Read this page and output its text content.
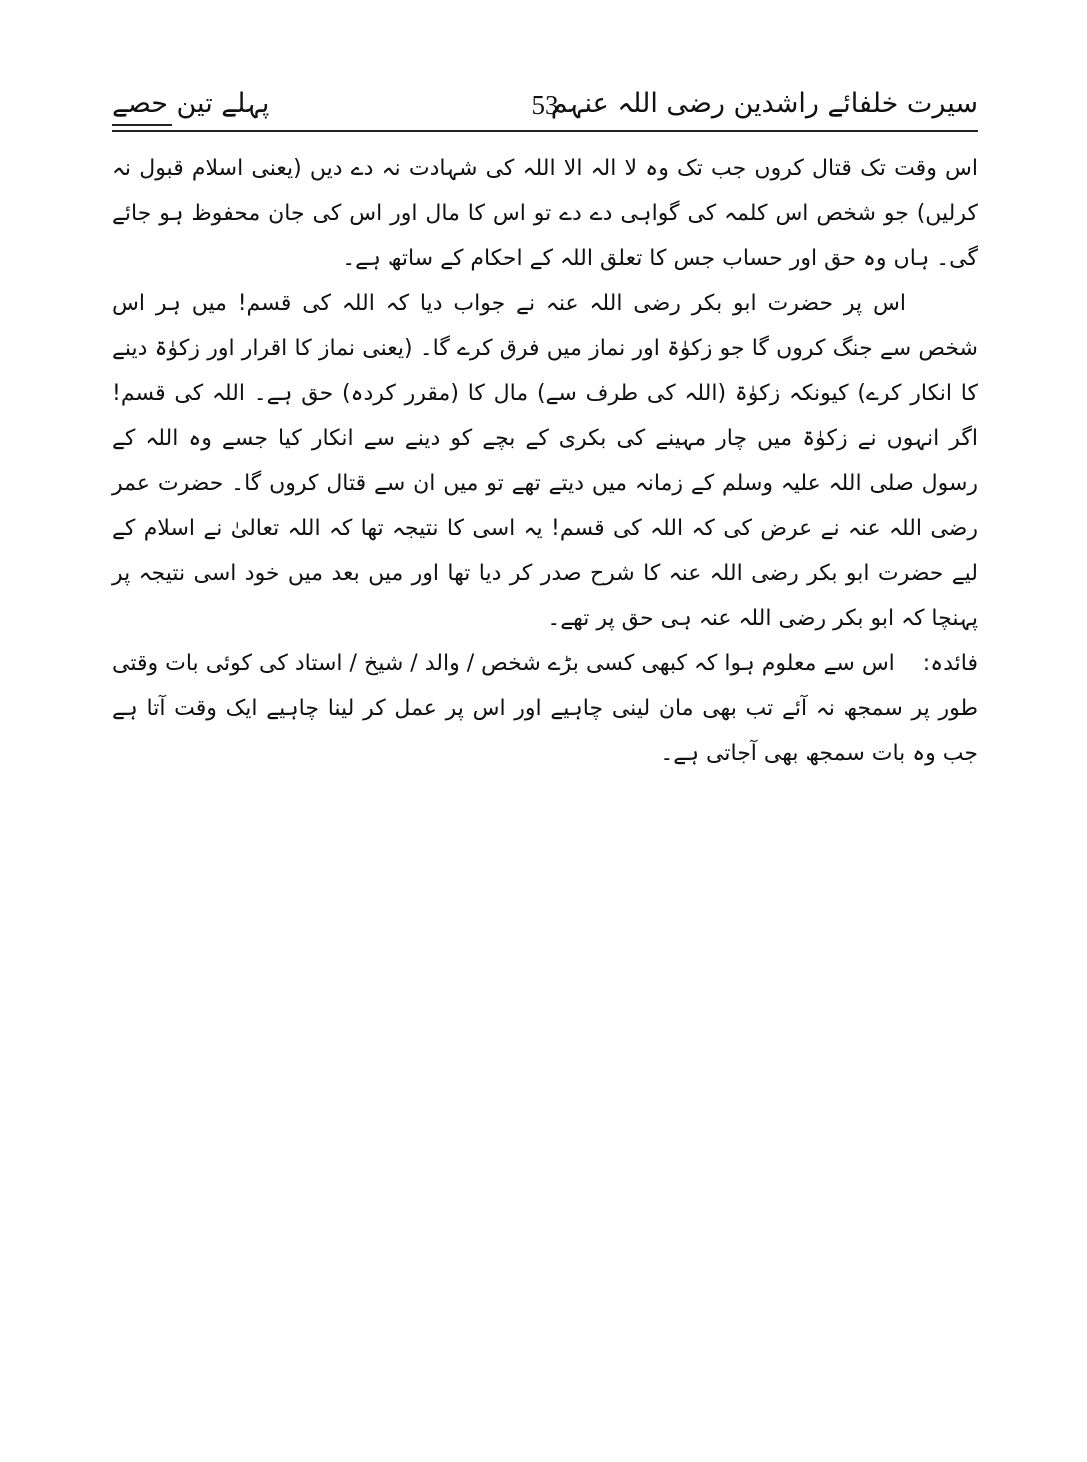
سیرت خلفائے راشدین رضی اللہ عنہم
53
پہلے تین حصے

اس وقت تک قتال کروں جب تک وہ لا الہ الا اللہ کی شہادت نہ دے دیں (یعنی اسلام قبول نہ کرلیں) جو شخص اس کلمہ کی گواہی دے دے تو اس کا مال اور اس کی جان محفوظ ہو جائے گی۔ ہاں وہ حق اور حساب جس کا تعلق اللہ کے احکام کے ساتھ ہے۔

اس پر حضرت ابو بکر رضی اللہ عنہ نے جواب دیا کہ اللہ کی قسم! میں ہر اس شخص سے جنگ کروں گا جو زکوٰۃ اور نماز میں فرق کرے گا۔ (یعنی نماز کا اقرار اور زکوٰۃ دینے کا انکار کرے) کیونکہ زکوٰۃ (اللہ کی طرف سے) مال کا (مقرر کردہ) حق ہے۔ اللہ کی قسم! اگر انہوں نے زکوٰۃ میں چار مہینے کی بکری کے بچے کو دینے سے انکار کیا جسے وہ اللہ کے رسول صلی اللہ علیہ وسلم کے زمانہ میں دیتے تھے تو میں ان سے قتال کروں گا۔ حضرت عمر رضی اللہ عنہ نے عرض کی کہ اللہ کی قسم! یہ اسی کا نتیجہ تھا کہ اللہ تعالیٰ نے اسلام کے لیے حضرت ابو بکر رضی اللہ عنہ کا شرح صدر کر دیا تھا اور میں بعد میں خود اسی نتیجہ پر پہنچا کہ ابو بکر رضی اللہ عنہ ہی حق پر تھے۔

فائدہ:اس سے معلوم ہوا کہ کبھی کسی بڑے شخص / والد / شیخ / استاد کی کوئی بات وقتی طور پر سمجھ نہ آئے تب بھی مان لینی چاہیے اور اس پر عمل کر لینا چاہیے ایک وقت آتا ہے جب وہ بات سمجھ بھی آجاتی ہے۔
